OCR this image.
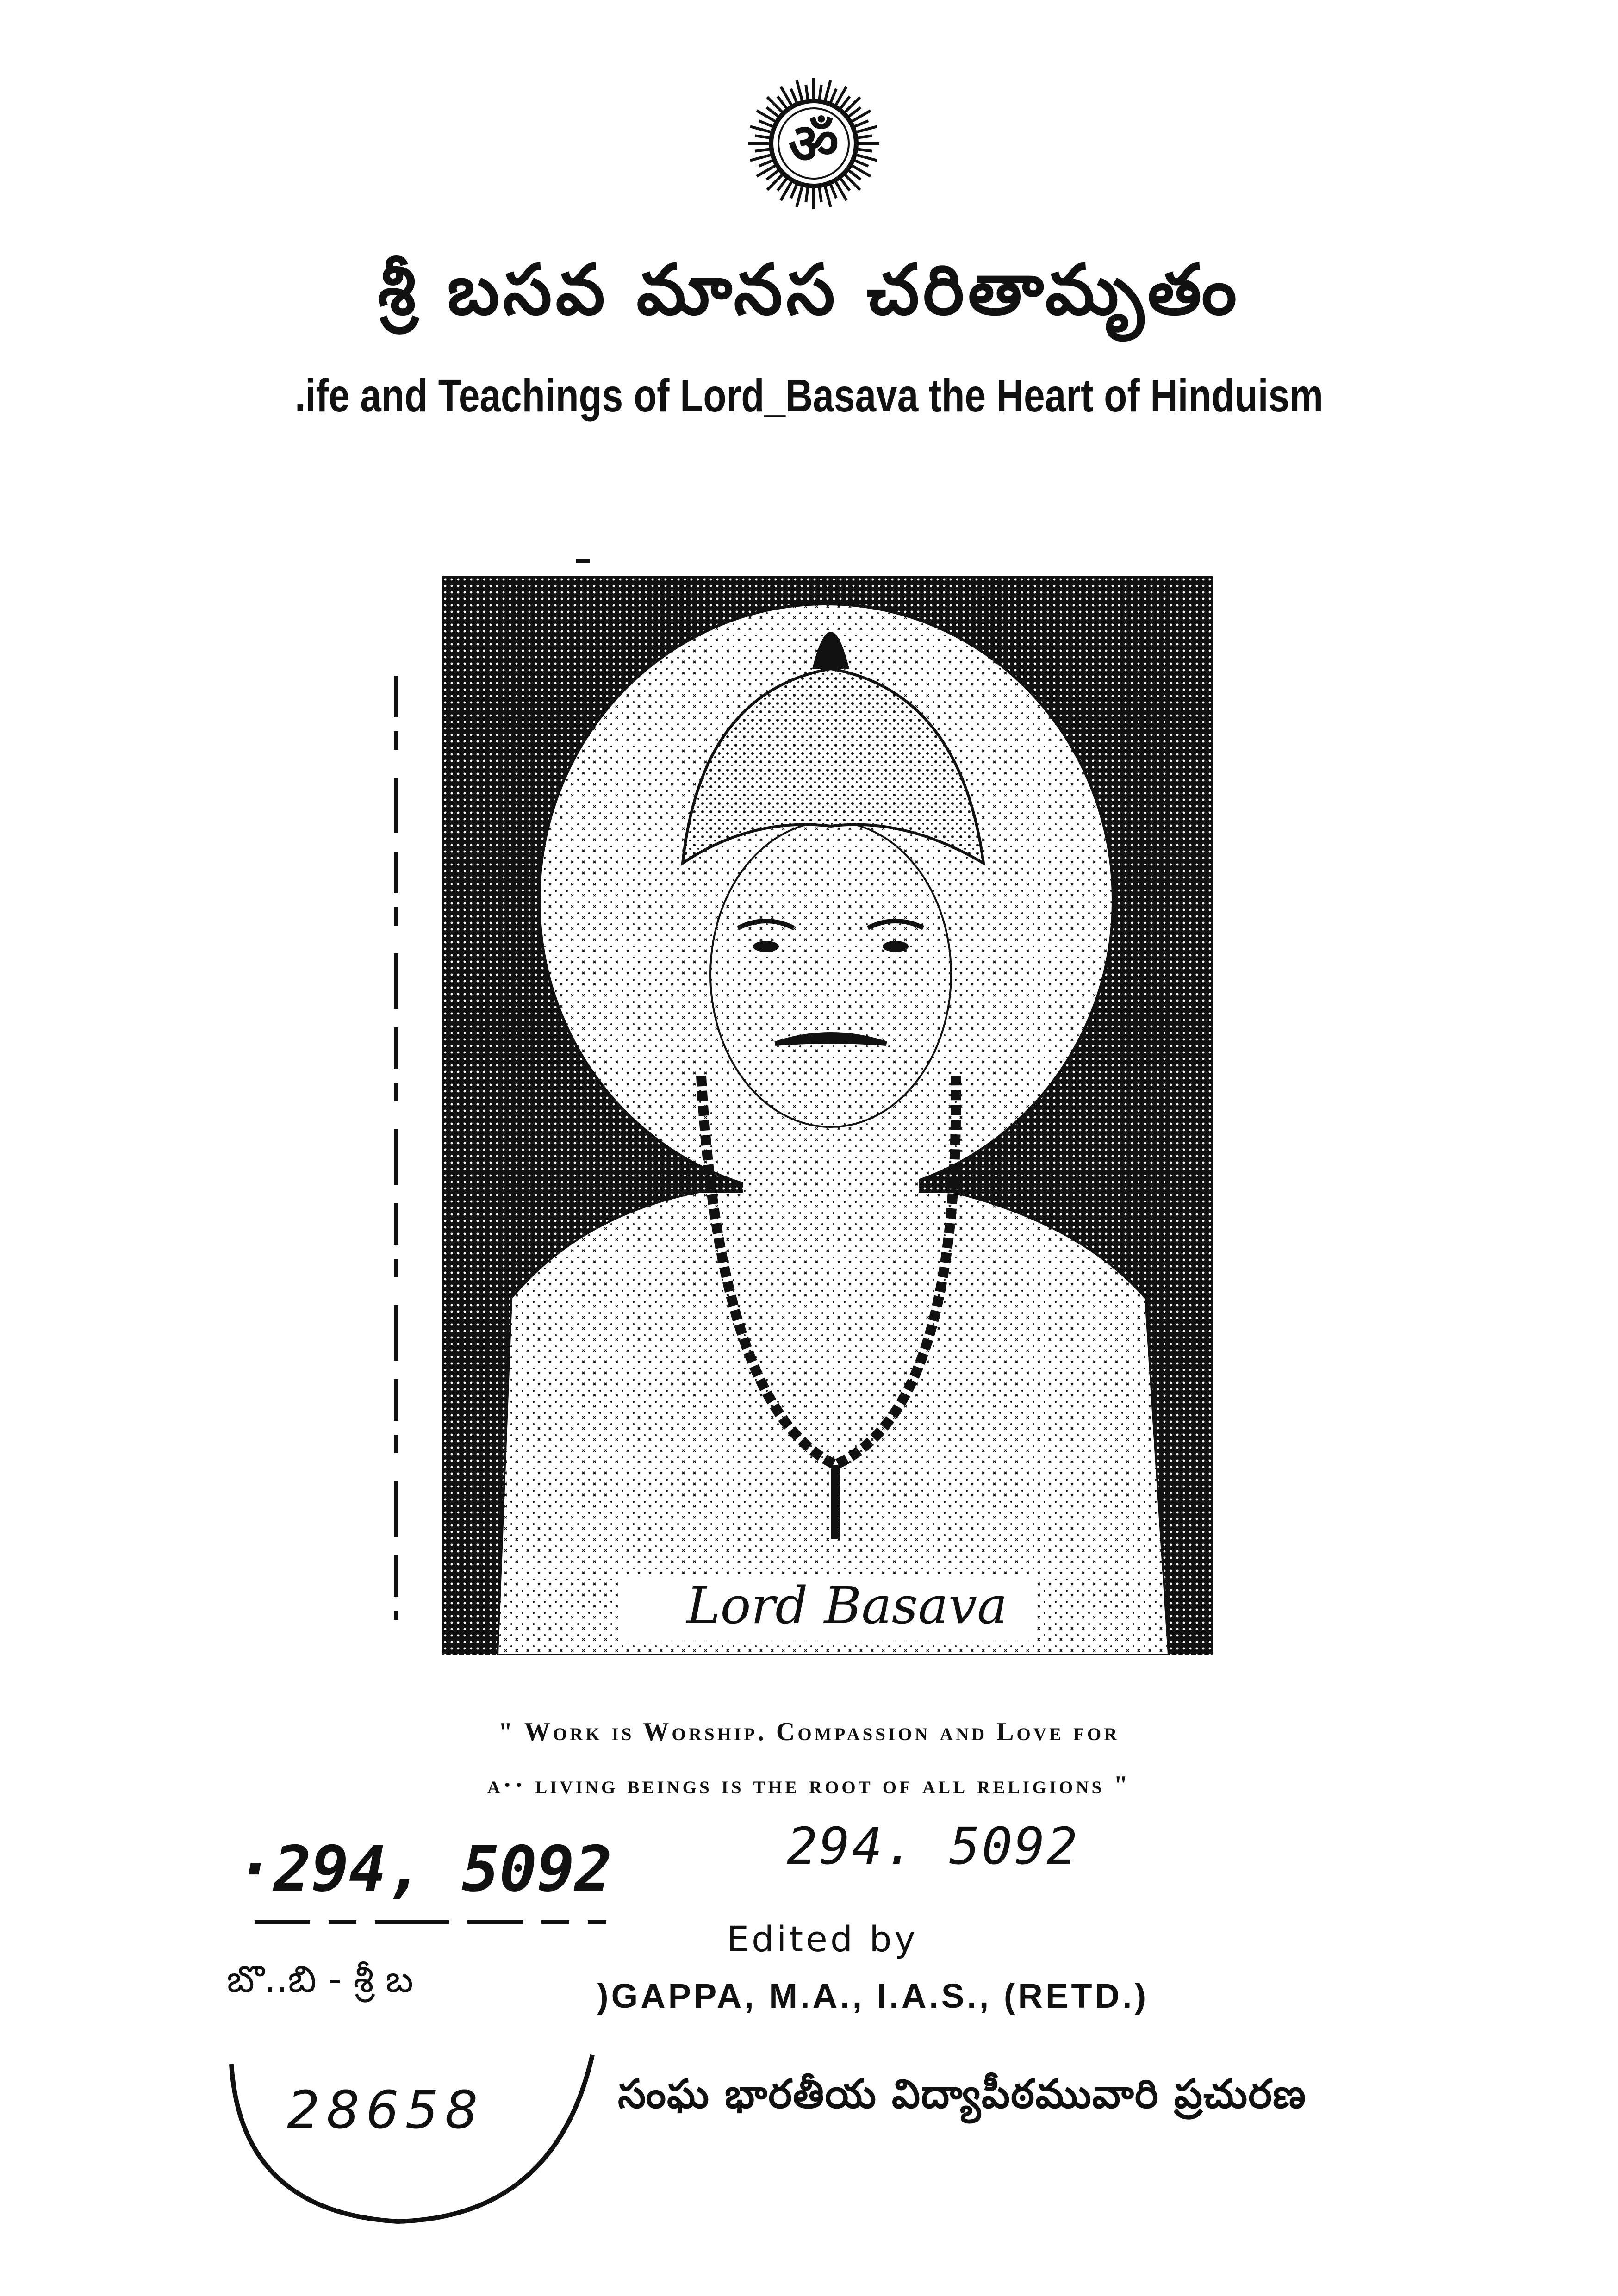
ॐ
శ్రీ బసవ మానస చరితామృతం
.ife and Teachings of Lord_Basava the Heart of Hinduism
Lord Basava
" Work is Worship. Compassion and Love for
a·· living beings is the root of all religions "
·294, 5092	294. 5092
Edited by
బొ..బి - శ్రీ బ	)GAPPA, M.A., I.A.S., (RETD.)
28658	సంఘ భారతీయ విద్యాపీఠమువారి ప్రచురణ
